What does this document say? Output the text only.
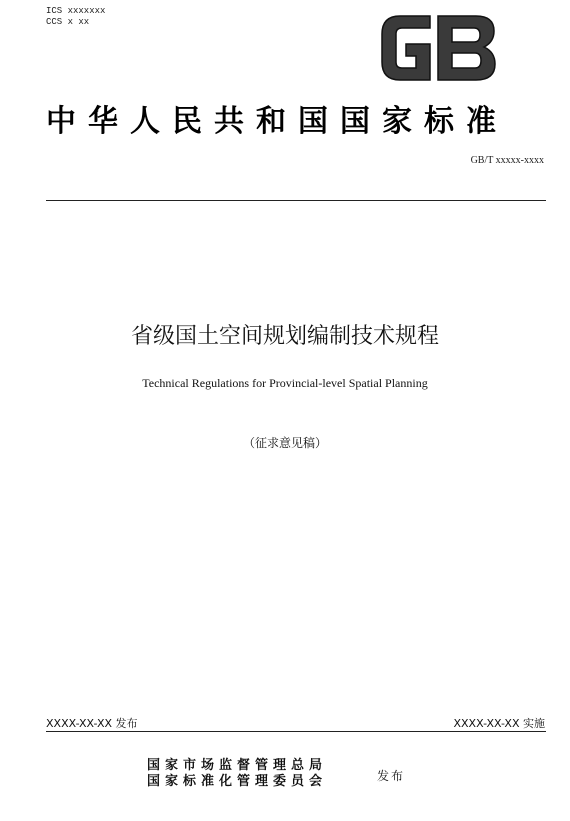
ICS xxxxxxx
CCS x xx
中华人民共和国国家标准
GB/T xxxxx-xxxx
省级国土空间规划编制技术规程
Technical Regulations for Provincial-level Spatial Planning
（征求意见稿）
XXXX-XX-XX 发布	XXXX-XX-XX 实施
国家市场监督管理总局
国家标准化管理委员会	发布
